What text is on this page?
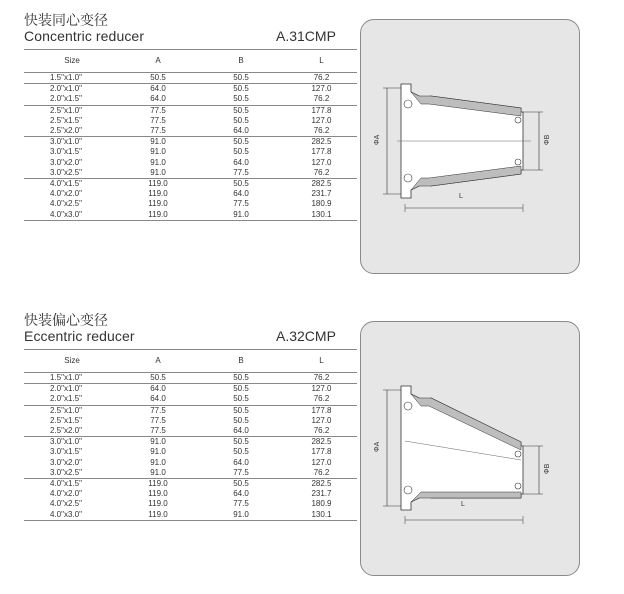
快装同心变径
Concentric reducer	A.31CMP
Size	A	B	L
1.5"x1.0"	50.5	50.5	76.2
2.0"x1.0"	64.0	50.5	127.0
2.0"x1.5"	64.0	50.5	76.2
2.5"x1.0"	77.5	50.5	177.8
2.5"x1.5"	77.5	50.5	127.0
2.5"x2.0"	77.5	64.0	76.2
3.0"x1.0"	91.0	50.5	282.5
3.0"x1.5"	91.0	50.5	177.8
3.0"x2.0"	91.0	64.0	127.0
3.0"x2.5"	91.0	77.5	76.2
4.0"x1.5"	119.0	50.5	282.5
4.0"x2.0"	119.0	64.0	231.7
4.0"x2.5"	119.0	77.5	180.9
4.0"x3.0"	119.0	91.0	130.1
ΦA	ΦB
L
快装偏心变径
Eccentric reducer	A.32CMP
Size	A	B	L
1.5"x1.0"	50.5	50.5	76.2
2.0"x1.0"	64.0	50.5	127.0
2.0"x1.5"	64.0	50.5	76.2
2.5"x1.0"	77.5	50.5	177.8
2.5"x1.5"	77.5	50.5	127.0
2.5"x2.0"	77.5	64.0	76.2
3.0"x1.0"	91.0	50.5	282.5
3.0"x1.5"	91.0	50.5	177.8
3.0"x2.0"	91.0	64.0	127.0
3.0"x2.5"	91.0	77.5	76.2
4.0"x1.5"	119.0	50.5	282.5
4.0"x2.0"	119.0	64.0	231.7
4.0"x2.5"	119.0	77.5	180.9
4.0"x3.0"	119.0	91.0	130.1
ΦA
ΦB
L
